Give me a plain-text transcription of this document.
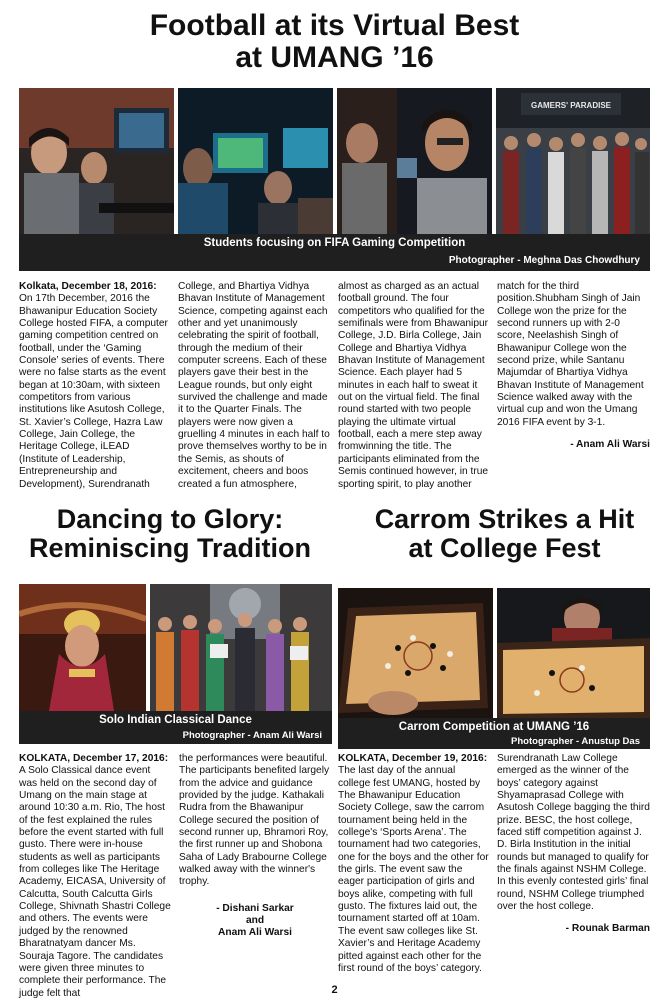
Football at its Virtual Best
at UMANG ’16
GAMERS' PARADISE
Students focusing on FIFA Gaming Competition
Photographer - Meghna Das Chowdhury

Kolkata, December 18, 2016:

On 17th December, 2016 the Bhawanipur Education Society College hosted FIFA, a computer gaming competition centred on football, under the ‘Gaming Console’ series of events. There were no false starts as the event began at 10:30am, with sixteen competitors from various institutions like Asutosh College, St. Xavier’s College, Hazra Law College, Jain College, the Heritage College, iLEAD
(Institute of Leadership,
Entrepreneurship and Development), Surendranath

College, and Bhartiya Vidhya Bhavan Institute of Management Science, competing against each other and yet unanimously celebrating the spirit of football, through the medium of their computer screens. Each of these players gave their best in the League rounds, but only eight survived the challenge and made it to the Quarter Finals. The players were now given a gruelling 4 minutes in each half to prove themselves worthy to be in the Semis, as shouts of excitement, cheers and boos created a fun atmosphere,

almost as charged as an actual football ground. The four competitors who qualified for the semifinals were from Bhawanipur College, J.D. Birla College, Jain College and Bhartiya Vidhya Bhavan Institute of Management Science. Each player had 5 minutes in each half to sweat it out on the virtual field. The final round started with two people playing the ultimate virtual football, each a mere step away fromwinning the title. The participants eliminated from the Semis continued however, in true sporting spirit, to play another

match for the third position.Shubham Singh of Jain College won the prize for the second runners up with 2-0 score, Neelashish Singh of Bhawanipur College won the second prize, while Santanu Majumdar of Bhartiya Vidhya Bhavan Institute of Management Science walked away with the virtual cup and won the Umang 2016 FIFA event by 3-1.

- Anam Ali Warsi
Dancing to Glory:
Reminiscing Tradition
Solo Indian Classical Dance
Photographer - Anam Ali Warsi

KOLKATA, December 17, 2016:

A Solo Classical dance event was held on the second day of Umang on the main stage at around 10:30 a.m. Rio, The host of the fest explained the rules before the event started with full gusto. There were in-house students as well as participants from colleges like The Heritage Academy, EICASA, University of Calcutta, South Calcutta Girls College, Shivnath Shastri College and others. The events were judged by the renowned Bharatnatyam dancer Ms. Souraja Tagore. The candidates were given three minutes to complete their performance. The judge felt that

the performances were beautiful. The participants benefited largely from the advice and guidance provided by the judge. Kathakali Rudra from the Bhawanipur College secured the position of second runner up, Bhramori Roy, the first runner up and Shobona Saha of Lady Brabourne College walked away with the winner's trophy.

- Dishani Sarkar
and
Anam Ali Warsi
Carrom Strikes a Hit
at College Fest
Carrom Competition at UMANG ’16
Photographer - Anustup Das

KOLKATA, December 19, 2016:

The last day of the annual college fest UMANG, hosted by The Bhawanipur Education Society College, saw the carrom tournament being held in the college's ‘Sports Arena’. The tournament had two categories, one for the boys and the other for the girls. The event saw the eager participation of girls and boys alike, competing with full gusto. The fixtures laid out, the tournament started off at 10am. The event saw colleges like St. Xavier’s and Heritage Academy pitted against each other for the first round of the boys’ category.

Surendranath Law College emerged as the winner of the boys’ category against Shyamaprasad College with Asutosh College bagging the third prize. BESC, the host college, faced stiff competition against J. D. Birla Institution in the initial rounds but managed to qualify for the finals against NSHM College. In this evenly contested girls’ final round, NSHM College triumphed over the host college.

- Rounak Barman
2
